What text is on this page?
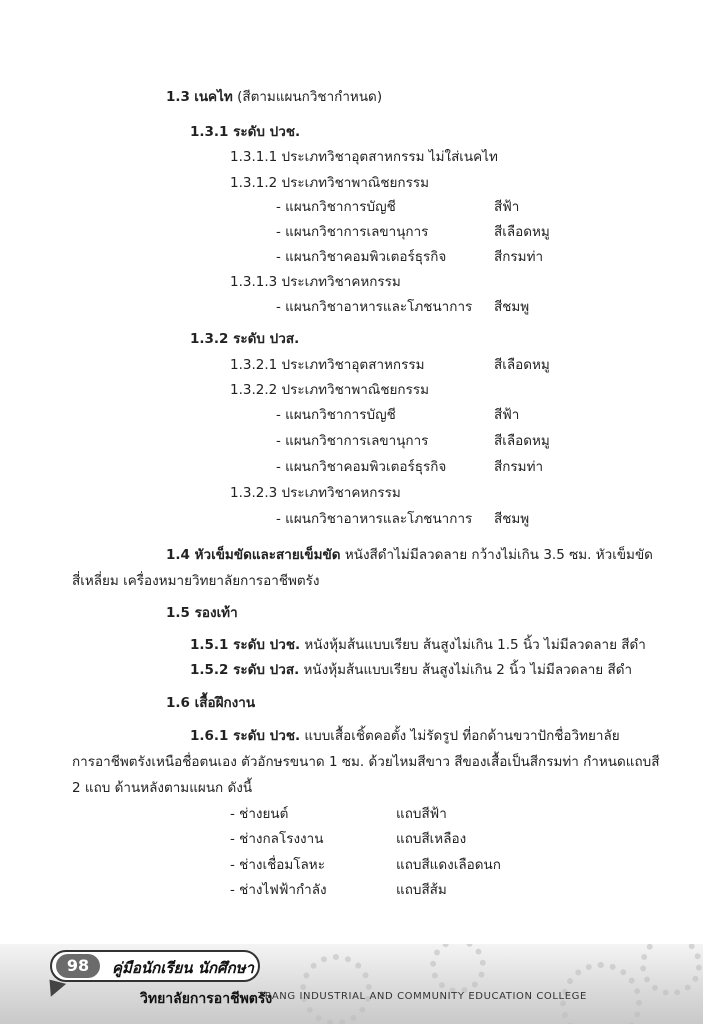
1.3 เนคไท (สีตามแผนกวิชากำหนด)
1.3.1 ระดับ ปวช.
1.3.1.1 ประเภทวิชาอุตสาหกรรม ไม่ใส่เนคไท
1.3.1.2 ประเภทวิชาพาณิชยกรรม
- แผนกวิชาการบัญชี	สีฟ้า
- แผนกวิชาการเลขานุการ	สีเลือดหมู
- แผนกวิชาคอมพิวเตอร์ธุรกิจ	สีกรมท่า
1.3.1.3 ประเภทวิชาคหกรรม
- แผนกวิชาอาหารและโภชนาการ สีชมพู
1.3.2 ระดับ ปวส.
1.3.2.1 ประเภทวิชาอุตสาหกรรม	สีเลือดหมู
1.3.2.2 ประเภทวิชาพาณิชยกรรม
- แผนกวิชาการบัญชี	สีฟ้า
- แผนกวิชาการเลขานุการ	สีเลือดหมู
- แผนกวิชาคอมพิวเตอร์ธุรกิจ	สีกรมท่า
1.3.2.3 ประเภทวิชาคหกรรม
- แผนกวิชาอาหารและโภชนาการ สีชมพู
1.4 หัวเข็มขัดและสายเข็มขัด หนังสีดำไม่มีลวดลาย กว้างไม่เกิน 3.5 ซม. หัวเข็มขัด
สี่เหลี่ยม เครื่องหมายวิทยาลัยการอาชีพตรัง
1.5 รองเท้า
1.5.1 ระดับ ปวช. หนังหุ้มส้นแบบเรียบ ส้นสูงไม่เกิน 1.5 นิ้ว ไม่มีลวดลาย สีดำ
1.5.2 ระดับ ปวส. หนังหุ้มส้นแบบเรียบ ส้นสูงไม่เกิน 2 นิ้ว ไม่มีลวดลาย สีดำ
1.6 เสื้อฝึกงาน
1.6.1 ระดับ ปวช. แบบเสื้อเชิ้ตคอตั้ง ไม่รัดรูป ที่อกด้านขวาปักชื่อวิทยาลัย
การอาชีพตรังเหนือชื่อตนเอง ตัวอักษรขนาด 1 ซม. ด้วยไหมสีขาว สีของเสื้อเป็นสีกรมท่า กำหนดแถบสี
2 แถบ ด้านหลังตามแผนก ดังนี้
- ช่างยนต์	แถบสีฟ้า
- ช่างกลโรงงาน	แถบสีเหลือง
- ช่างเชื่อมโลหะ	แถบสีแดงเลือดนก
- ช่างไฟฟ้ากำลัง	แถบสีส้ม
98	คู่มือนักเรียน นักศึกษา
วิทยาลัยการอาชีพตรัง
TRANG INDUSTRIAL AND COMMUNITY EDUCATION COLLEGE
